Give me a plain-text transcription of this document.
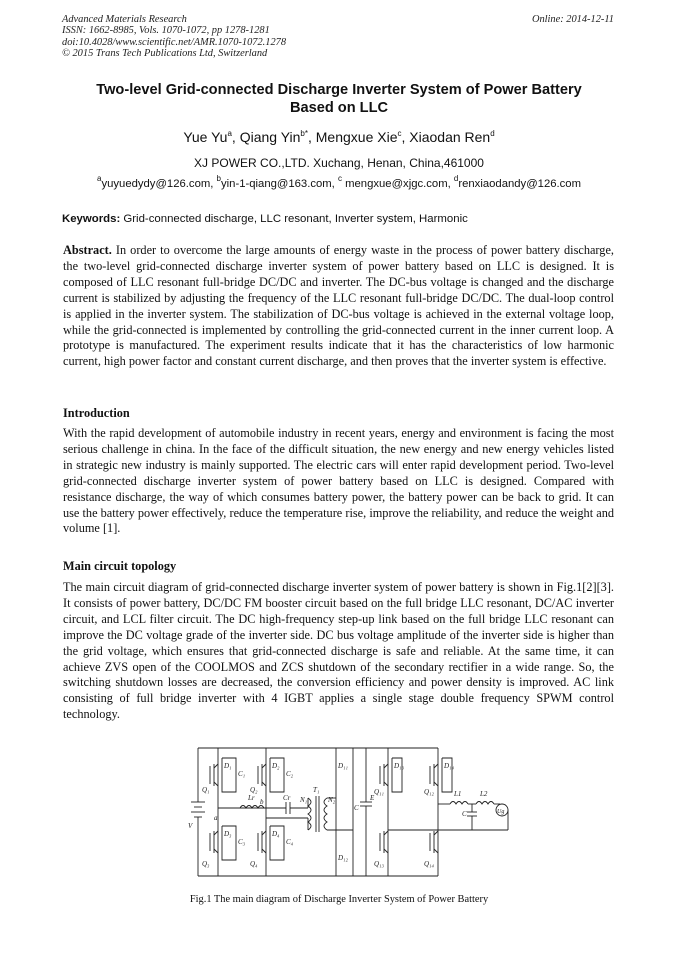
Advanced Materials Research
ISSN: 1662-8985, Vols. 1070-1072, pp 1278-1281
doi:10.4028/www.scientific.net/AMR.1070-1072.1278
© 2015 Trans Tech Publications Ltd, Switzerland
Online: 2014-12-11
Two-level Grid-connected Discharge Inverter System of Power Battery
Based on LLC
Yue Yu$^a$, Qiang Yin$^{b*}$, Mengxue Xie$^c$, Xiaodan Ren$^d$
XJ POWER CO.,LTD. Xuchang, Henan, China,461000
$^a$yuyuedydy@126.com, $^b$yin-1-qiang@163.com, $^c$ mengxue@xjgc.com, $^d$renxiaodandy@126.com
Keywords: Grid-connected discharge, LLC resonant, Inverter system, Harmonic

Abstract. In order to overcome the large amounts of energy waste in the process of power battery discharge, the two-level grid-connected discharge inverter system of power battery based on LLC is designed. It is composed of LLC resonant full-bridge DC/DC and inverter. The DC-bus voltage is changed and the discharge current is stabilized by adjusting the frequency of the LLC resonant full-bridge DC/DC. The dual-loop control is applied in the inverter system. The stabilization of DC-bus voltage is achieved in the external voltage loop, while the grid-connected is implemented by controlling the grid-connected current in the inner current loop. A prototype is manufactured. The experiment results indicate that it has the characteristics of low harmonic current, high power factor and constant current discharge, and then proves that the inverter system is effective.

Introduction

With the rapid development of automobile industry in recent years, energy and environment is facing the most serious challenge in china. In the face of the difficult situation, the new energy and new energy vehicles listed in strategic new industry is mainly supported. The electric cars will enter rapid development period. Two-level grid-connected discharge inverter system of power battery based on LLC is designed. Compared with resistance discharge, the way of which consumes battery power, the battery power can be back to grid. It can use the battery power effectively, reduce the temperature rise, improve the reliability, and reduce the weight and volume [1].

Main circuit topology

The main circuit diagram of grid-connected discharge inverter system of power battery is shown in Fig.1[2][3]. It consists of power battery, DC/DC FM booster circuit based on the full bridge LLC resonant, DC/AC inverter circuit, and LCL filter circuit. The DC high-frequency step-up link based on the full bridge LLC resonant can improve the DC voltage grade of the inverter side. DC bus voltage amplitude of the inverter side is higher than the grid voltage, which ensures that grid-connected discharge is safe and reliable. At the same time, it can achieve ZVS open of the COOLMOS and ZCS shutdown of the secondary rectifier in a wide range. So, the switching shutdown losses are decreased, the conversion efficiency and power density is improved. AC link consisting of full bridge inverter with 4 IGBT applies a single stage double frequency SPWM control technology.

Q₁	Q₂
Q₃	Q₄
D₁	D₂
D₃	D₄
C₁	C₂
C₃	C₄
Lr	Cr
T₁
N₁	N₂
V
a
b	E
C
D₁₁
D₁₂
D₁₃	D₁₄
Q₁₁	Q₁₂
Q₁₃	Q₁₄
L1	L2
C	Ug
Fig.1 The main diagram of Discharge Inverter System of Power Battery
